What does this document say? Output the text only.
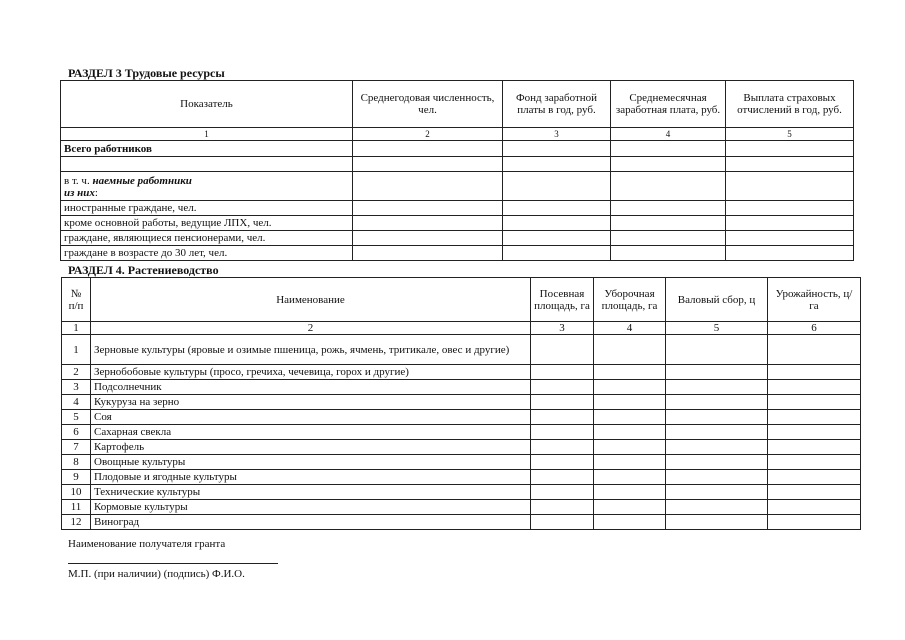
РАЗДЕЛ 3 Трудовые ресурсы
Показатель	Среднегодовая численность, чел.	Фонд заработной платы в год, руб.	Среднемесячная заработная плата, руб.	Выплата страховых отчислений в год, руб.
1	2	3	4	5
Всего работников				

в т. ч. наемные работники
из них:				
иностранные граждане, чел.				
кроме основной работы, ведущие ЛПХ, чел.				
граждане, являющиеся пенсионерами, чел.				
граждане в возрасте до 30 лет, чел.				
РАЗДЕЛ 4. Растениеводство
№ п/п	Наименование	Посевная площадь, га	Уборочная площадь, га	Валовый сбор, ц	Урожайность, ц/га
1	2	3	4	5	6
1	Зерновые культуры (яровые и озимые пшеница, рожь, ячмень, тритикале, овес и другие)				
2	Зернобобовые культуры (просо, гречиха, чечевица, горох и другие)				
3	Подсолнечник				
4	Кукуруза на зерно				
5	Соя				
6	Сахарная свекла				
7	Картофель				
8	Овощные культуры				
9	Плодовые и ягодные культуры				
10	Технические культуры				
11	Кормовые культуры				
12	Виноград				
Наименование получателя гранта
М.П. (при наличии) (подпись) Ф.И.О.
